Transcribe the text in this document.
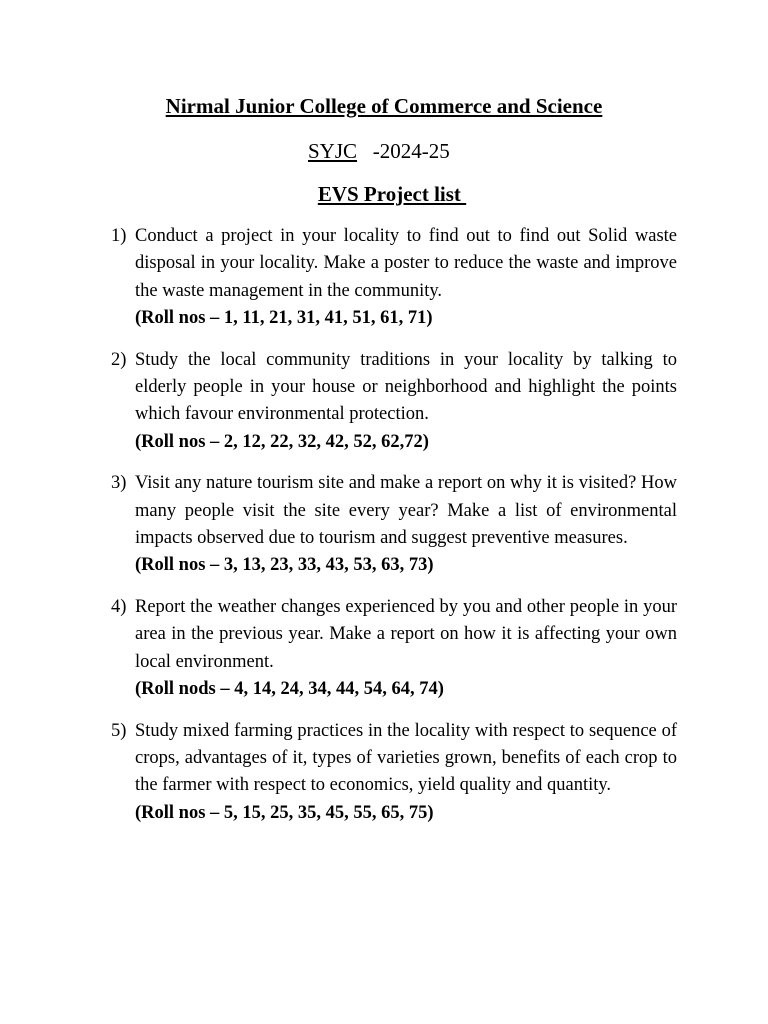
Nirmal Junior College of Commerce and Science
SYJC -2024-25
EVS Project list
1) Conduct a project in your locality to find out to find out Solid waste disposal in your locality. Make a poster to reduce the waste and improve the waste management in the community.
(Roll nos – 1, 11, 21, 31, 41, 51, 61, 71)
2) Study the local community traditions in your locality by talking to elderly people in your house or neighborhood and highlight the points which favour environmental protection.
(Roll nos – 2, 12, 22, 32, 42, 52, 62,72)
3) Visit any nature tourism site and make a report on why it is visited? How many people visit the site every year? Make a list of environmental impacts observed due to tourism and suggest preventive measures.
(Roll nos – 3, 13, 23, 33, 43, 53, 63, 73)
4) Report the weather changes experienced by you and other people in your area in the previous year. Make a report on how it is affecting your own local environment.
(Roll nods – 4, 14, 24, 34, 44, 54, 64, 74)
5) Study mixed farming practices in the locality with respect to sequence of crops, advantages of it, types of varieties grown, benefits of each crop to the farmer with respect to economics, yield quality and quantity.
(Roll nos – 5, 15, 25, 35, 45, 55, 65, 75)
